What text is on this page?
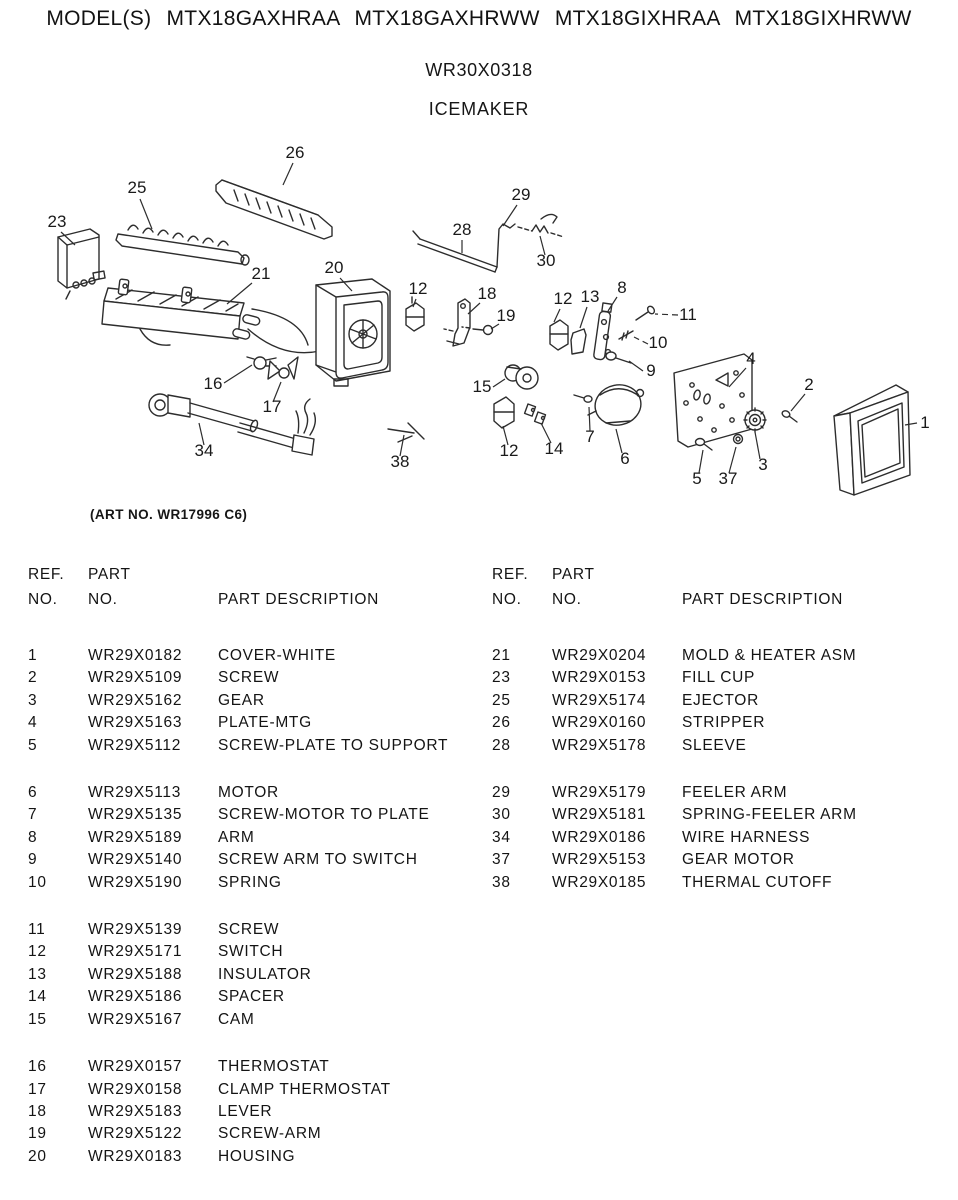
MODEL(S) MTX18GAXHRAA MTX18GAXHRWW MTX18GIXHRAA MTX18GIXHRWW
WR30X0318
ICEMAKER
26
25
23
29
28
30
21	20
12	18
19
12 13 8
11
10
9
4
2
1
16
17
15
34
38
12 14
7
6
5 37
3
(ART NO. WR17996 C6)
REF.	PART
NO.	NO.	PART DESCRIPTION
1	WR29X0182	COVER-WHITE
2	WR29X5109	SCREW
3	WR29X5162	GEAR
4	WR29X5163	PLATE-MTG
5	WR29X5112	SCREW-PLATE TO SUPPORT
6	WR29X5113	MOTOR
7	WR29X5135	SCREW-MOTOR TO PLATE
8	WR29X5189	ARM
9	WR29X5140	SCREW ARM TO SWITCH
10	WR29X5190	SPRING
11	WR29X5139	SCREW
12	WR29X5171	SWITCH
13	WR29X5188	INSULATOR
14	WR29X5186	SPACER
15	WR29X5167	CAM
16	WR29X0157	THERMOSTAT
17	WR29X0158	CLAMP THERMOSTAT
18	WR29X5183	LEVER
19	WR29X5122	SCREW-ARM
20	WR29X0183	HOUSING
REF.	PART
NO.	NO.	PART DESCRIPTION
21	WR29X0204	MOLD & HEATER ASM
23	WR29X0153	FILL CUP
25	WR29X5174	EJECTOR
26	WR29X0160	STRIPPER
28	WR29X5178	SLEEVE
29	WR29X5179	FEELER ARM
30	WR29X5181	SPRING-FEELER ARM
34	WR29X0186	WIRE HARNESS
37	WR29X5153	GEAR MOTOR
38	WR29X0185	THERMAL CUTOFF
